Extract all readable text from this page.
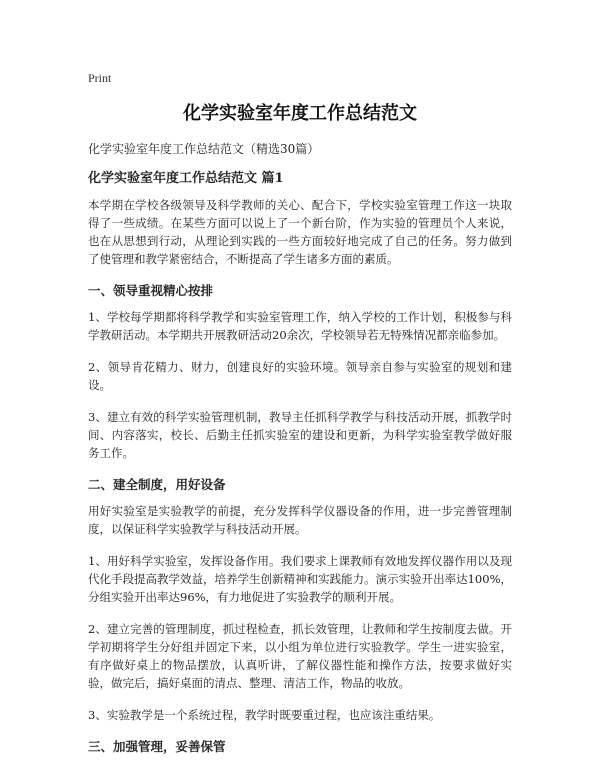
Print
化学实验室年度工作总结范文
化学实验室年度工作总结范文（精选30篇）
化学实验室年度工作总结范文 篇1

本学期在学校各级领导及科学教师的关心、配合下，学校实验室管理工作这一块取得了一些成绩。在某些方面可以说上了一个新台阶，作为实验的管理员个人来说，也在从思想到行动，从理论到实践的一些方面较好地完成了自己的任务。努力做到了使管理和教学紧密结合，不断提高了学生诸多方面的素质。

一、领导重视精心按排

1、学校每学期都将科学教学和实验室管理工作，纳入学校的工作计划，积极参与科学教研活动。本学期共开展教研活动20余次，学校领导若无特殊情况都亲临参加。

2、领导肯花精力、财力，创建良好的实验环境。领导亲自参与实验室的规划和建设。

3、建立有效的科学实验管理机制，教导主任抓科学教学与科技活动开展，抓教学时间、内容落实，校长、后勤主任抓实验室的建设和更新，为科学实验室教学做好服务工作。

二、建全制度，用好设备

用好实验室是实验教学的前提，充分发挥科学仪器设备的作用，进一步完善管理制度，以保证科学实验教学与科技活动开展。

1、用好科学实验室，发挥设备作用。我们要求上课教师有效地发挥仪器作用以及现代化手段提高教学效益，培养学生创新精神和实践能力。演示实验开出率达100%，分组实验开出率达96%，有力地促进了实验教学的顺利开展。

2、建立完善的管理制度，抓过程检查，抓长效管理，让教师和学生按制度去做。开学初期将学生分好组并固定下来，以小组为单位进行实验教学。学生一进实验室，有序做好桌上的物品摆放，认真听讲，了解仪器性能和操作方法，按要求做好实验，做完后，搞好桌面的清点、整理、清洁工作，物品的收放。

3、实验教学是一个系统过程，教学时既要重过程，也应该注重结果。

三、加强管理，妥善保管
